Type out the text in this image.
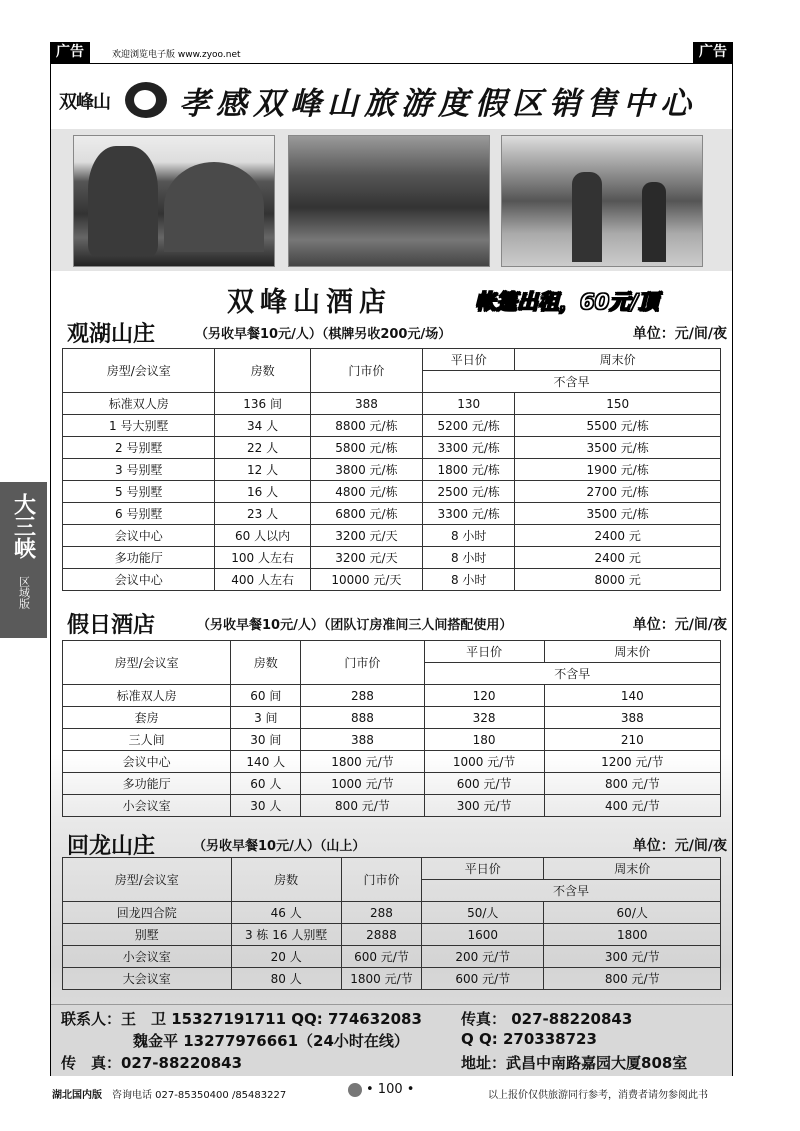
广告	欢迎浏览电子版 www.zyoo.net	广告
大三峡
区域版
双峰山 孝感双峰山旅游度假区销售中心
双峰山酒店	帐篷出租，60元/顶
观湖山庄	（另收早餐10元/人）（棋牌另收200元/场）	单位：元/间/夜
房型/会议室	房数	门市价	平日价	周末价
			不含早	
标准双人房	136 间	388	130	150
1 号大别墅	34 人	8800 元/栋	5200 元/栋	5500 元/栋
2 号别墅	22 人	5800 元/栋	3300 元/栋	3500 元/栋
3 号别墅	12 人	3800 元/栋	1800 元/栋	1900 元/栋
5 号别墅	16 人	4800 元/栋	2500 元/栋	2700 元/栋
6 号别墅	23 人	6800 元/栋	3300 元/栋	3500 元/栋
会议中心	60 人以内	3200 元/天	8 小时	2400 元
多功能厅	100 人左右	3200 元/天	8 小时	2400 元
会议中心	400 人左右	10000 元/天	8 小时	8000 元
假日酒店	（另收早餐10元/人）（团队订房准间三人间搭配使用）	单位：元/间/夜
房型/会议室	房数	门市价	平日价	周末价
			不含早	
标准双人房	60 间	288	120	140
套房	3 间	888	328	388
三人间	30 间	388	180	210
会议中心	140 人	1800 元/节	1000 元/节	1200 元/节
多功能厅	60 人	1000 元/节	600 元/节	800 元/节
小会议室	30 人	800 元/节	300 元/节	400 元/节
回龙山庄	（另收早餐10元/人）（山上）	单位：元/间/夜
房型/会议室	房数	门市价	平日价	周末价
			不含早	
回龙四合院	46 人	288	50/人	60/人
别墅	3 栋 16 人别墅	2888	1600	1800
小会议室	20 人	600 元/节	200 元/节	300 元/节
大会议室	80 人	1800 元/节	600 元/节	800 元/节
联系人：王　卫 15327191711 QQ: 774632083
魏金平 13277976661（24小时在线）
传　真：027-88220843
传真： 027-88220843
Q Q: 270338723
地址：武昌中南路嘉园大厦808室
湖北国内版 咨询电话 027-85350400 /85483227	• 100 •	以上报价仅供旅游同行参考，消费者请勿参阅此书
